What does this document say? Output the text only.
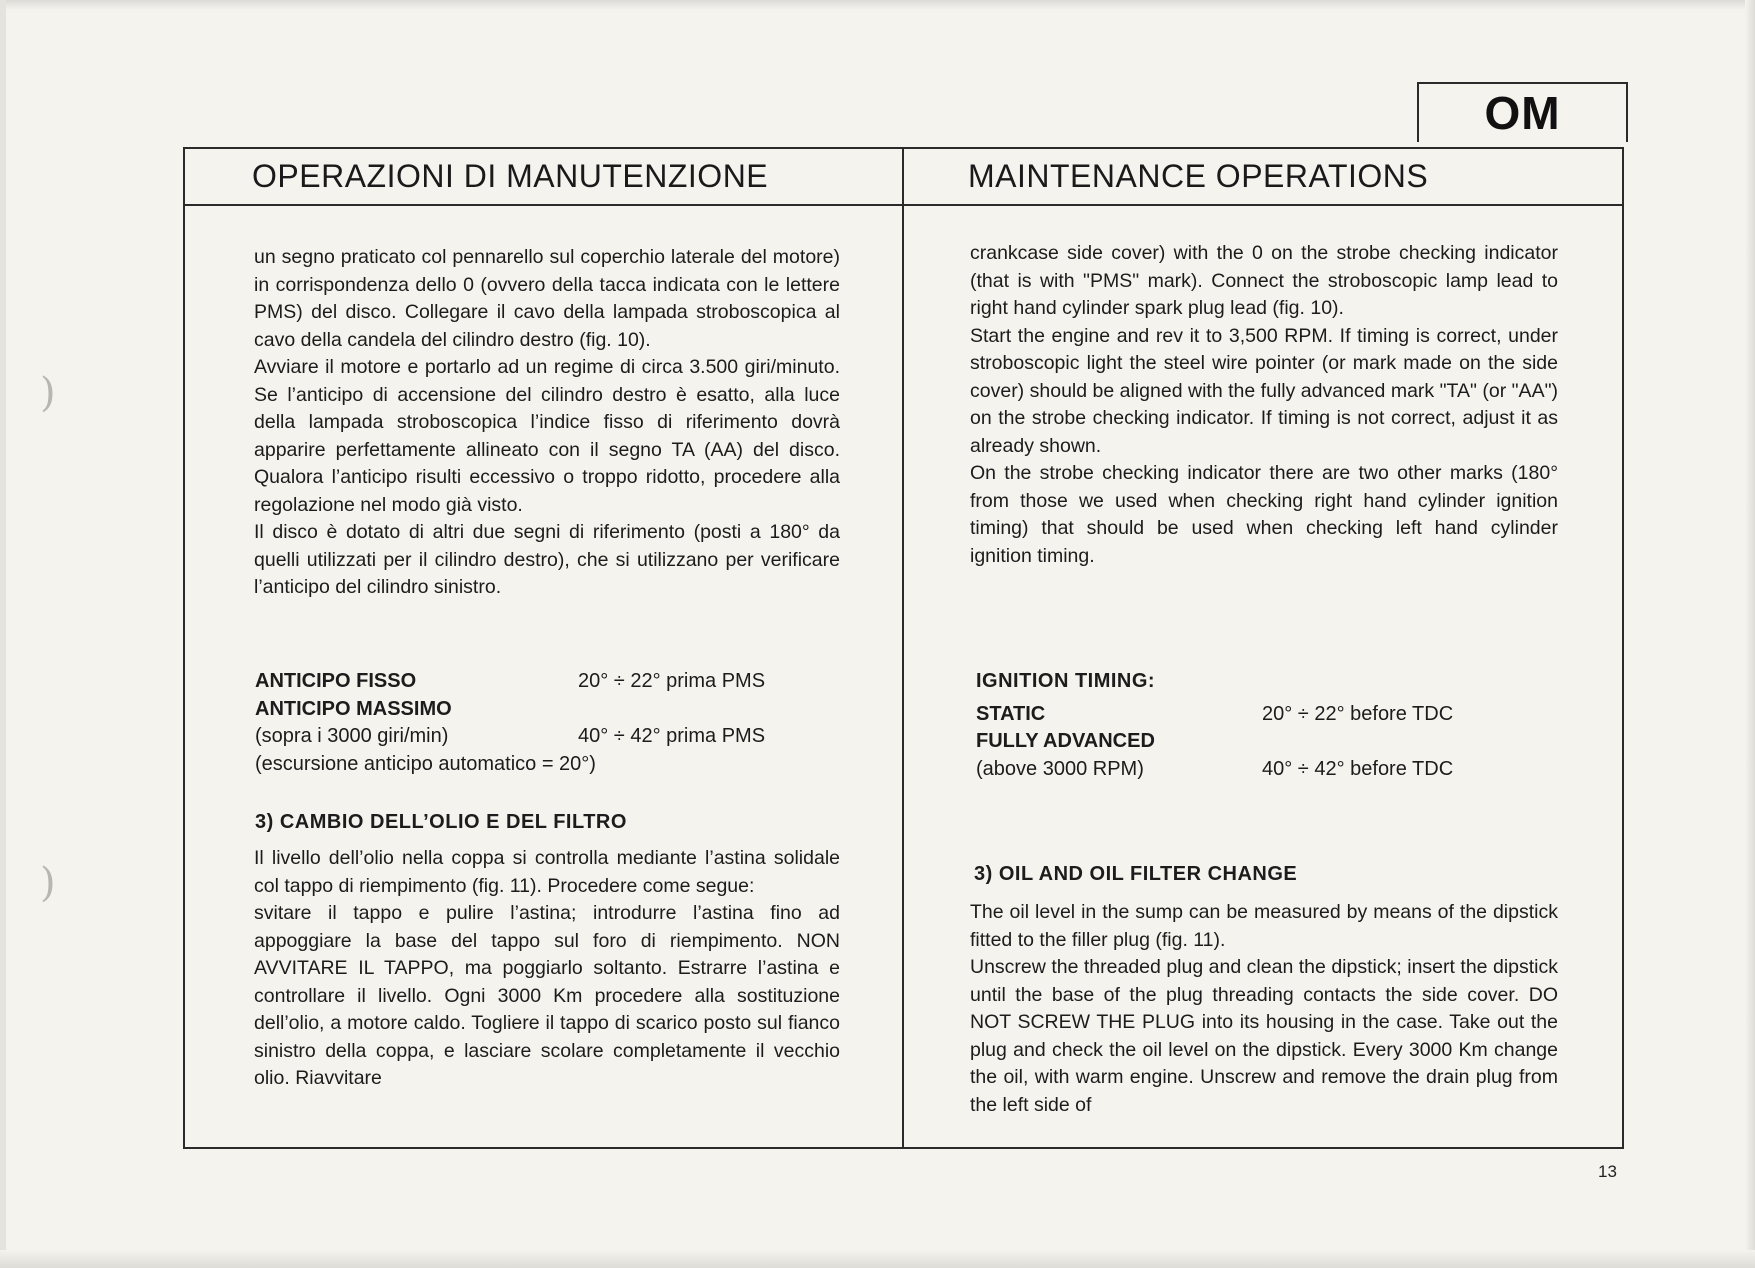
)
)
OM
OPERAZIONI DI MANUTENZIONE	MAINTENANCE OPERATIONS

un segno praticato col pennarello sul coperchio laterale del motore) in corrispondenza dello 0 (ovvero della tacca indicata con le lettere PMS) del disco. Collegare il cavo della lampada stroboscopica al cavo della candela del cilindro destro (fig. 10).

Avviare il motore e portarlo ad un regime di circa 3.500 giri/minuto. Se l’anticipo di accensione del cilindro destro è esatto, alla luce della lampada stroboscopica l’indice fisso di riferimento dovrà apparire perfettamente allineato con il segno TA (AA) del disco. Qualora l’anticipo risulti eccessivo o troppo ridotto, procedere alla regolazione nel modo già visto.

Il disco è dotato di altri due segni di riferimento (posti a 180° da quelli utilizzati per il cilindro destro), che si utilizzano per verificare l’anticipo del cilindro sinistro.

crankcase side cover) with the 0 on the strobe checking indicator (that is with "PMS" mark). Connect the stroboscopic lamp lead to right hand cylinder spark plug lead (fig. 10).

Start the engine and rev it to 3,500 RPM. If timing is correct, under stroboscopic light the steel wire pointer (or mark made on the side cover) should be aligned with the fully advanced mark "TA" (or "AA") on the strobe checking indicator. If timing is not correct, adjust it as already shown.

On the strobe checking indicator there are two other marks (180° from those we used when checking right hand cylinder ignition timing) that should be used when checking left hand cylinder ignition timing.

ANTICIPO FISSO	20° ÷ 22° prima PMS
ANTICIPO MASSIMO
(sopra i 3000 giri/min)	40° ÷ 42° prima PMS
(escursione anticipo automatico = 20°)
IGNITION TIMING:
STATIC	20° ÷ 22° before TDC
FULLY ADVANCED
(above 3000 RPM)	40° ÷ 42° before TDC
3) CAMBIO DELL’OLIO E DEL FILTRO
3) OIL AND OIL FILTER CHANGE

Il livello dell’olio nella coppa si controlla mediante l’astina solidale col tappo di riempimento (fig. 11). Procedere come segue:

svitare il tappo e pulire l’astina; introdurre l’astina fino ad appoggiare la base del tappo sul foro di riempimento. NON AVVITARE IL TAPPO, ma poggiarlo soltanto. Estrarre l’astina e controllare il livello. Ogni 3000 Km procedere alla sostituzione dell’olio, a motore caldo. Togliere il tappo di scarico posto sul fianco sinistro della coppa, e lasciare scolare completamente il vecchio olio. Riavvitare

The oil level in the sump can be measured by means of the dipstick fitted to the filler plug (fig. 11).

Unscrew the threaded plug and clean the dipstick; insert the dipstick until the base of the plug threading contacts the side cover. DO NOT SCREW THE PLUG into its housing in the case. Take out the plug and check the oil level on the dipstick. Every 3000 Km change the oil, with warm engine. Unscrew and remove the drain plug from the left side of

13
